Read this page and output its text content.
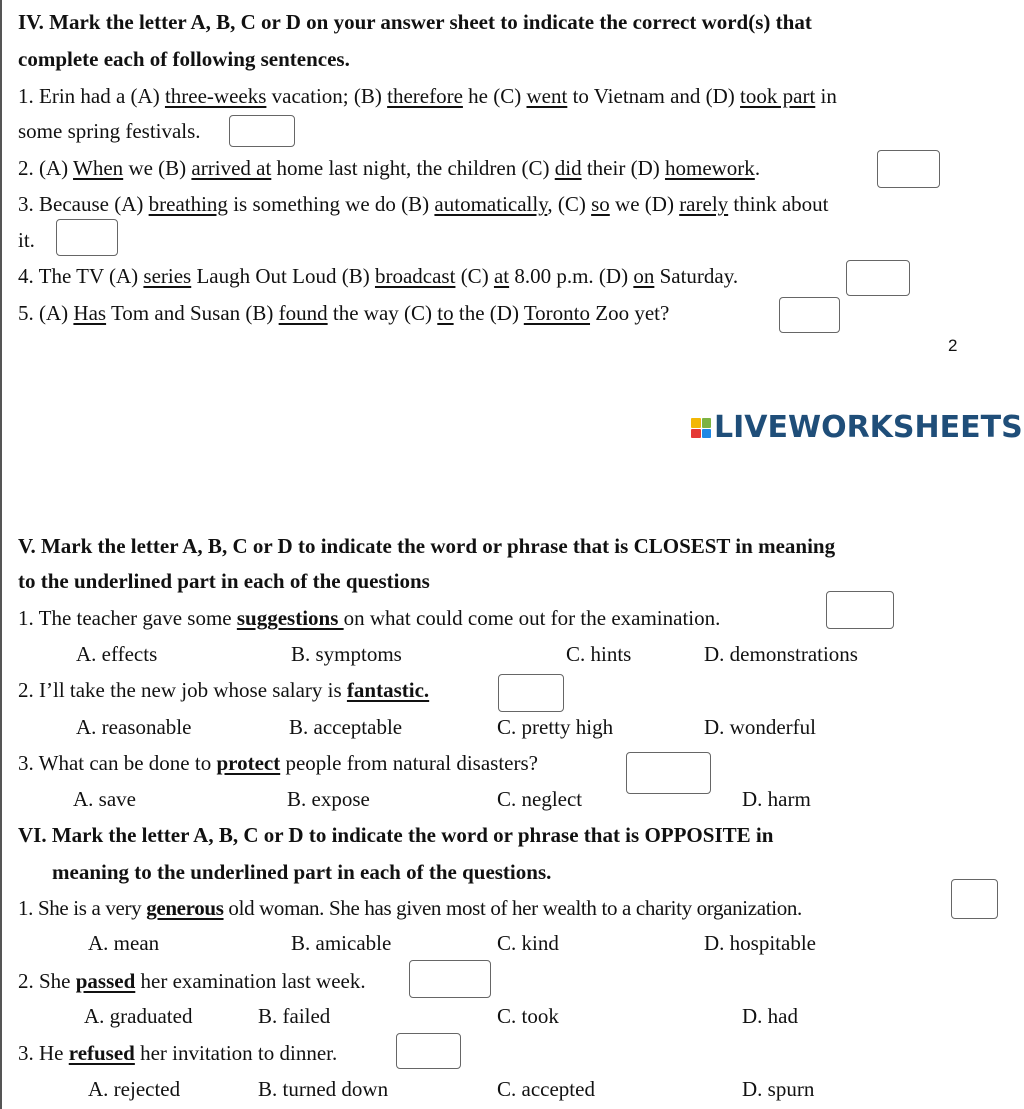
IV. Mark the letter A, B, C or D on your answer sheet to indicate the correct word(s) that
complete each of following sentences.
1. Erin had a (A) three-weeks vacation; (B) therefore he (C) went to Vietnam and (D) took part in
some spring festivals.
2. (A) When we (B) arrived at home last night, the children (C) did their (D) homework.
3. Because (A) breathing is something we do (B) automatically, (C) so we (D) rarely think about
it.
4. The TV (A) series Laugh Out Loud (B) broadcast (C) at 8.00 p.m. (D) on Saturday.
5. (A) Has Tom and Susan (B) found the way (C) to the (D) Toronto Zoo yet?
2
LIVEWORKSHEETS
V. Mark the letter A, B, C or D to indicate the word or phrase that is CLOSEST in meaning
to the underlined part in each of the questions
1. The teacher gave some suggestions on what could come out for the examination.
A. effects	B. symptoms	C. hints	D. demonstrations
2. I’ll take the new job whose salary is fantastic.
A. reasonable	B. acceptable	C. pretty high	D. wonderful
3. What can be done to protect people from natural disasters?
A. save	B. expose	C. neglect	D. harm
VI. Mark the letter A, B, C or D to indicate the word or phrase that is OPPOSITE in
meaning to the underlined part in each of the questions.
1. She is a very generous old woman. She has given most of her wealth to a charity organization.
A. mean	B. amicable	C. kind	D. hospitable
2. She passed her examination last week.
A. graduated	B. failed	C. took	D. had
3. He refused her invitation to dinner.
A. rejected	B. turned down	C. accepted	D. spurn
